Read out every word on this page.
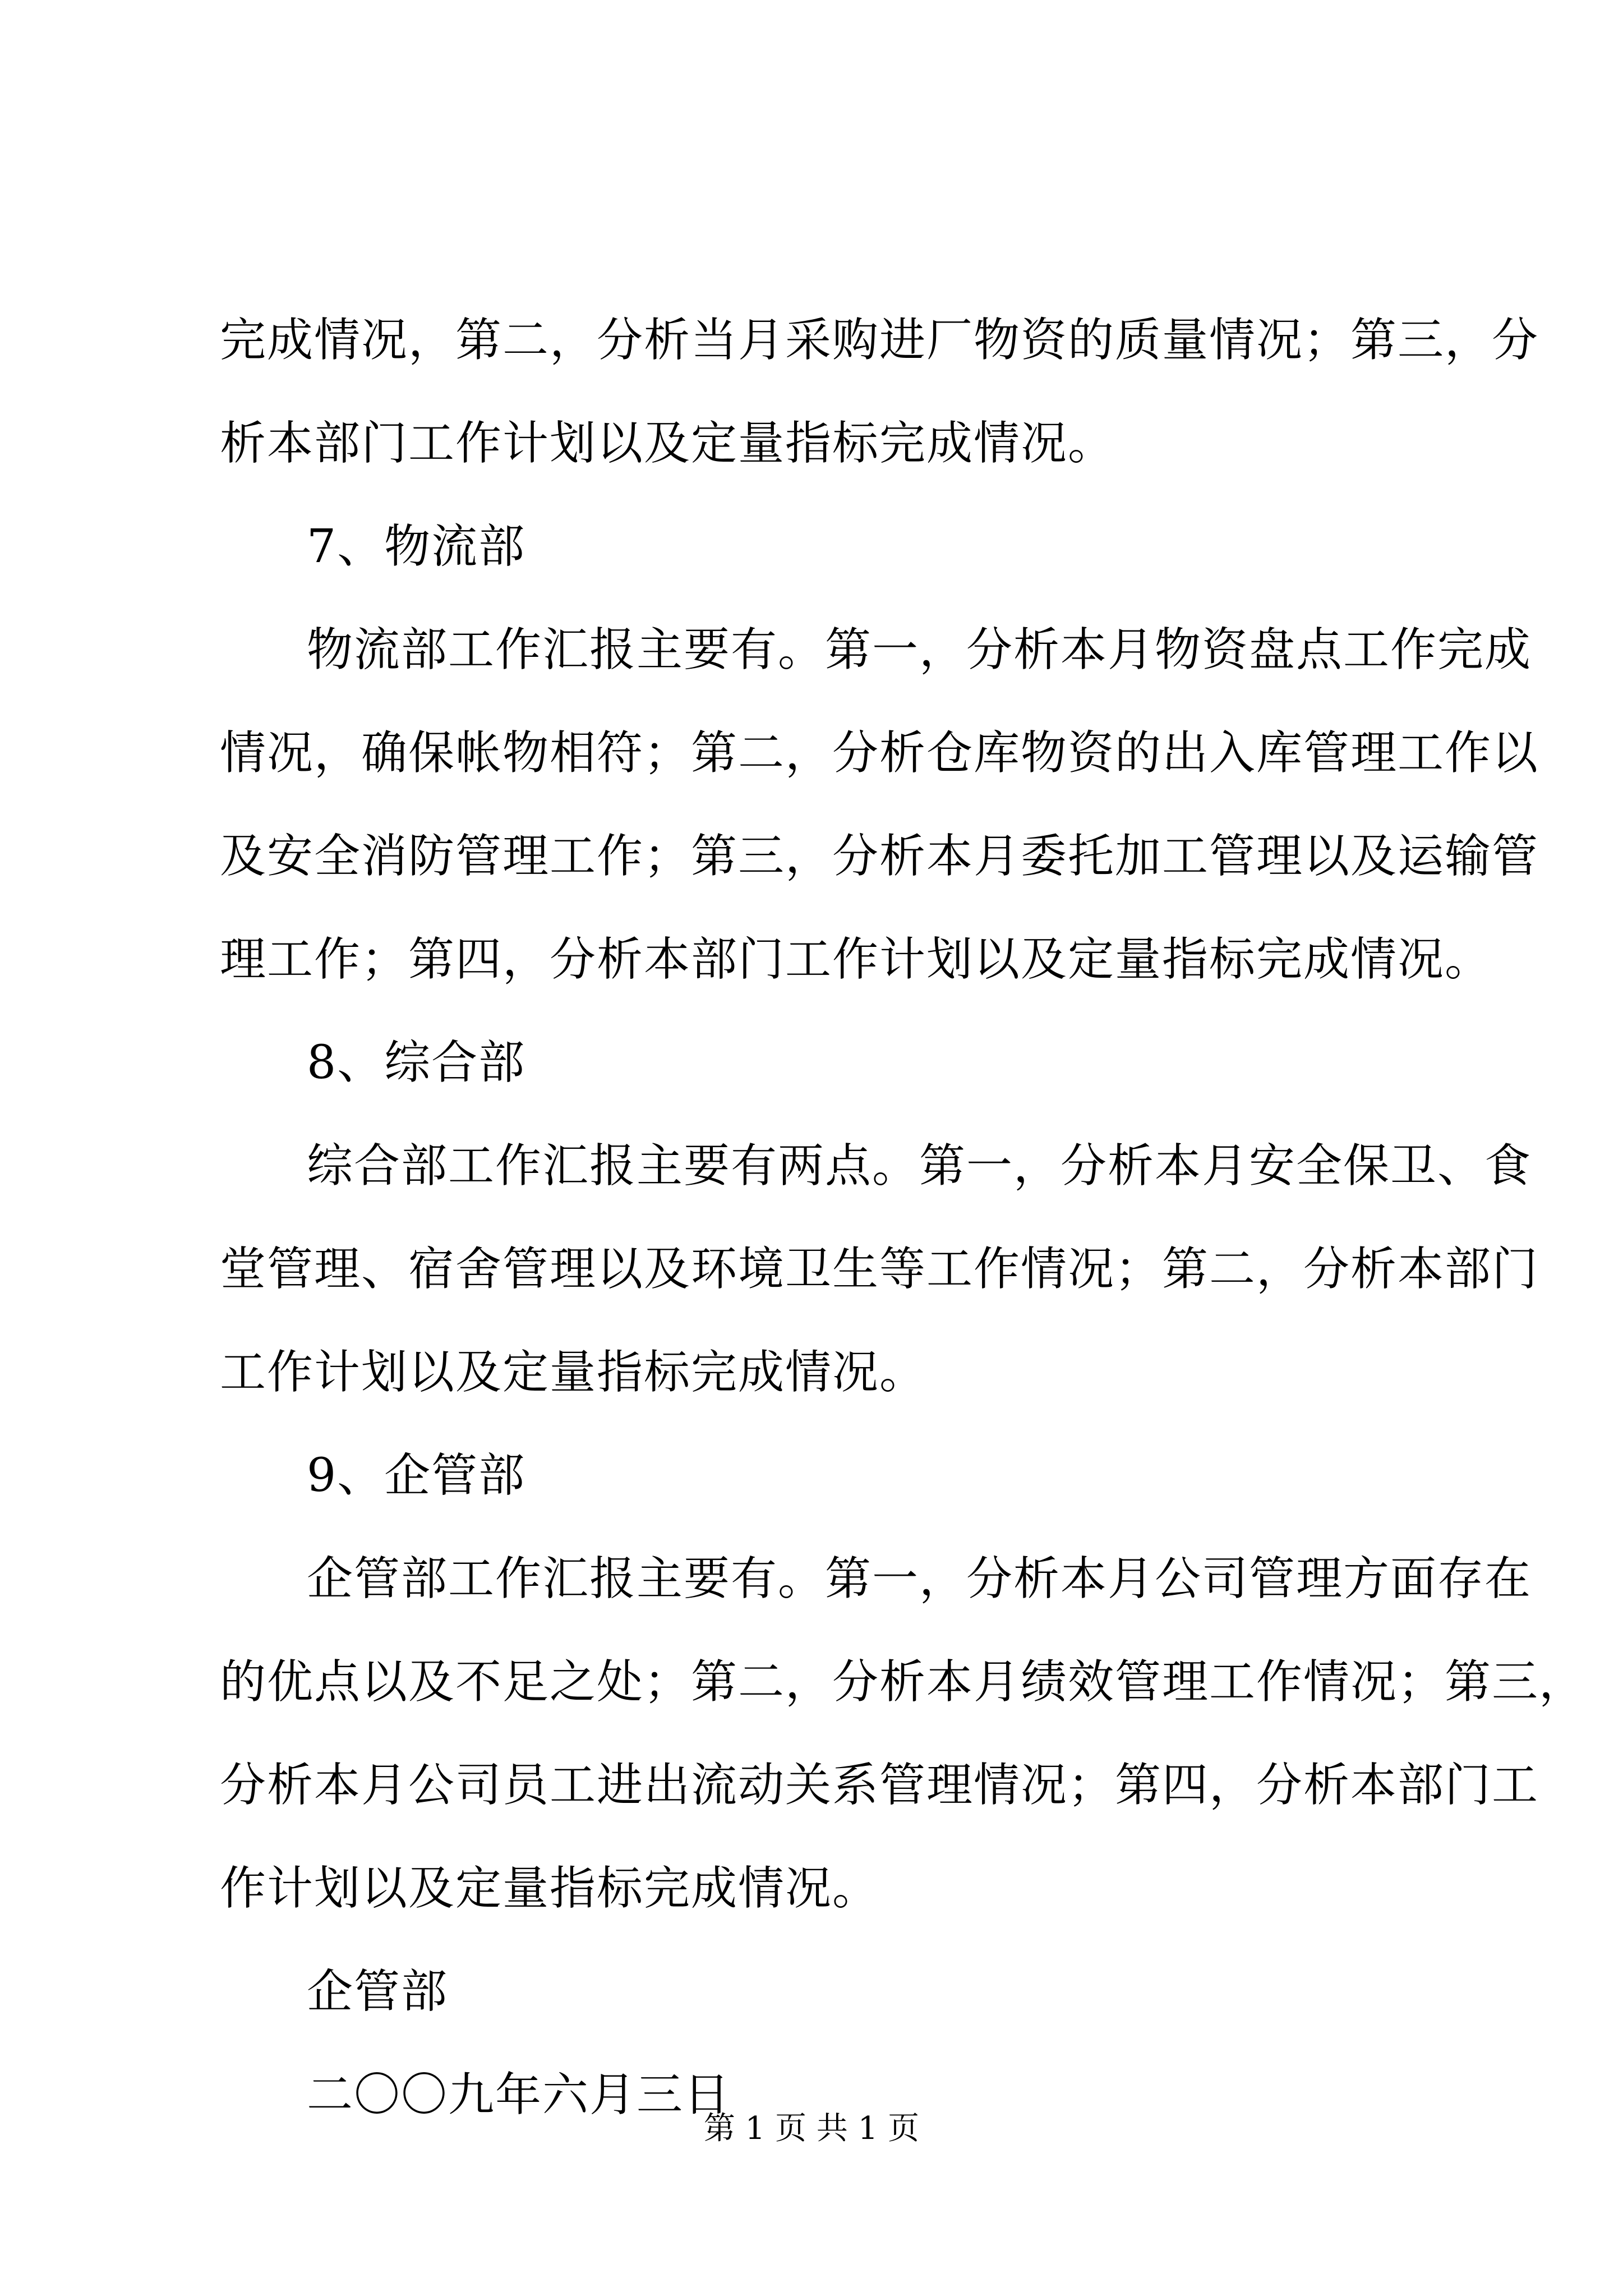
完成情况，第二，分析当月采购进厂物资的质量情况；第三，分
析本部门工作计划以及定量指标完成情况。
7、物流部
物流部工作汇报主要有。第一，分析本月物资盘点工作完成
情况，确保帐物相符；第二，分析仓库物资的出入库管理工作以
及安全消防管理工作；第三，分析本月委托加工管理以及运输管
理工作；第四，分析本部门工作计划以及定量指标完成情况。
8、综合部
综合部工作汇报主要有两点。第一，分析本月安全保卫、食
堂管理、宿舍管理以及环境卫生等工作情况；第二，分析本部门
工作计划以及定量指标完成情况。
9、企管部
企管部工作汇报主要有。第一，分析本月公司管理方面存在
的优点以及不足之处；第二，分析本月绩效管理工作情况；第三，
分析本月公司员工进出流动关系管理情况；第四，分析本部门工
作计划以及定量指标完成情况。
企管部
二〇〇九年六月三日
第 1 页 共 1 页
